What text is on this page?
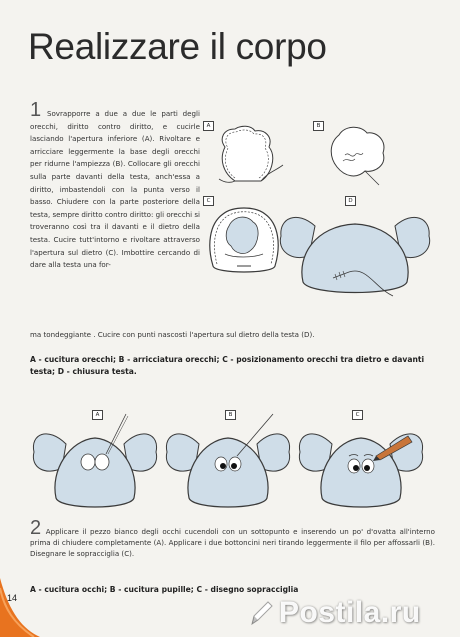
Realizzare il corpo
1 Sovrapporre a due a due le parti degli orecchi, diritto contro diritto, e cucirle lasciando l'apertura inferiore (A). Rivoltare e arricciare leggermente la base degli orecchi per ridurne l'ampiezza (B). Collocare gli orecchi sulla parte davanti della testa, anch'essa a diritto, imbastendoli con la punta verso il basso. Chiudere con la parte posteriore della testa, sempre diritto contro diritto: gli orecchi si troveranno così tra il davanti e il dietro della testa. Cucire tutt'intorno e rivoltare attraverso l'apertura sul dietro (C). Imbottire cercando di dare alla testa una for-
ma tondeggiante . Cucire con punti nascosti l'apertura sul dietro della testa (D).
A	B
C	D
A - cucitura orecchi; B - arricciatura orecchi; C - posizionamento orecchi tra dietro e davanti testa; D - chiusura testa.
A	B	C
2 Applicare il pezzo bianco degli occhi cucendoli con un sottopunto e inserendo un po' d'ovatta all'interno prima di chiudere completamente (A). Applicare i due bottoncini neri tirando leggermente il filo per affossarli (B). Disegnare le sopracciglia (C).
A - cucitura occhi; B - cucitura pupille; C - disegno sopracciglia
14	Postila.ru
